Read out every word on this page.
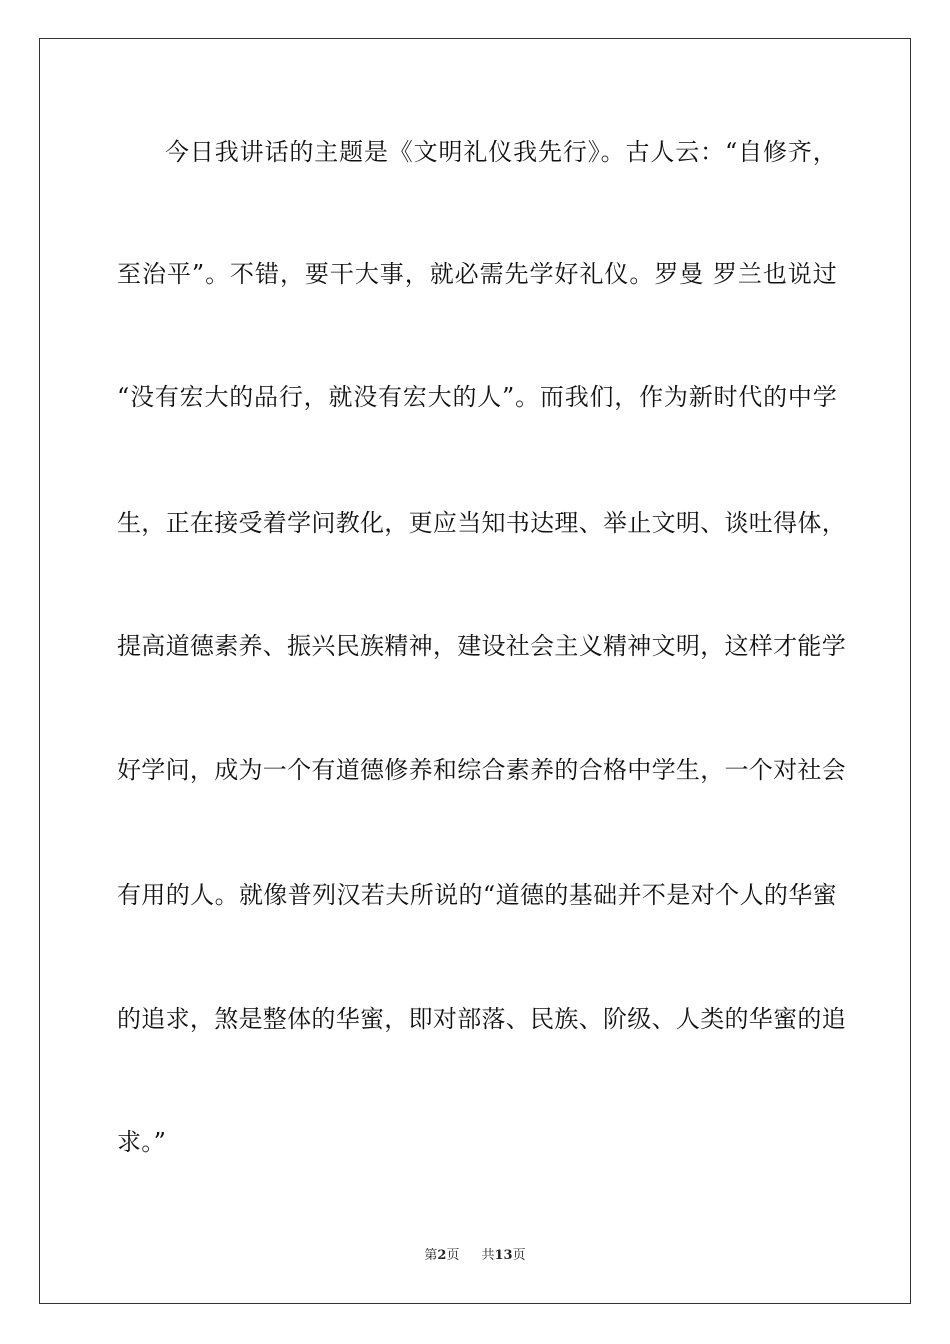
今日我讲话的主题是《文明礼仪我先行》。古人云：“自修齐，
至治平”。不错，要干大事，就必需先学好礼仪。罗曼 罗兰也说过
“没有宏大的品行，就没有宏大的人”。而我们，作为新时代的中学
生，正在接受着学问教化，更应当知书达理、举止文明、谈吐得体，
提高道德素养、振兴民族精神，建设社会主义精神文明，这样才能学
好学问，成为一个有道德修养和综合素养的合格中学生，一个对社会
有用的人。就像普列汉若夫所说的“道德的基础并不是对个人的华蜜
的追求，煞是整体的华蜜，即对部落、民族、阶级、人类的华蜜的追
求。”
第2页 共13页
